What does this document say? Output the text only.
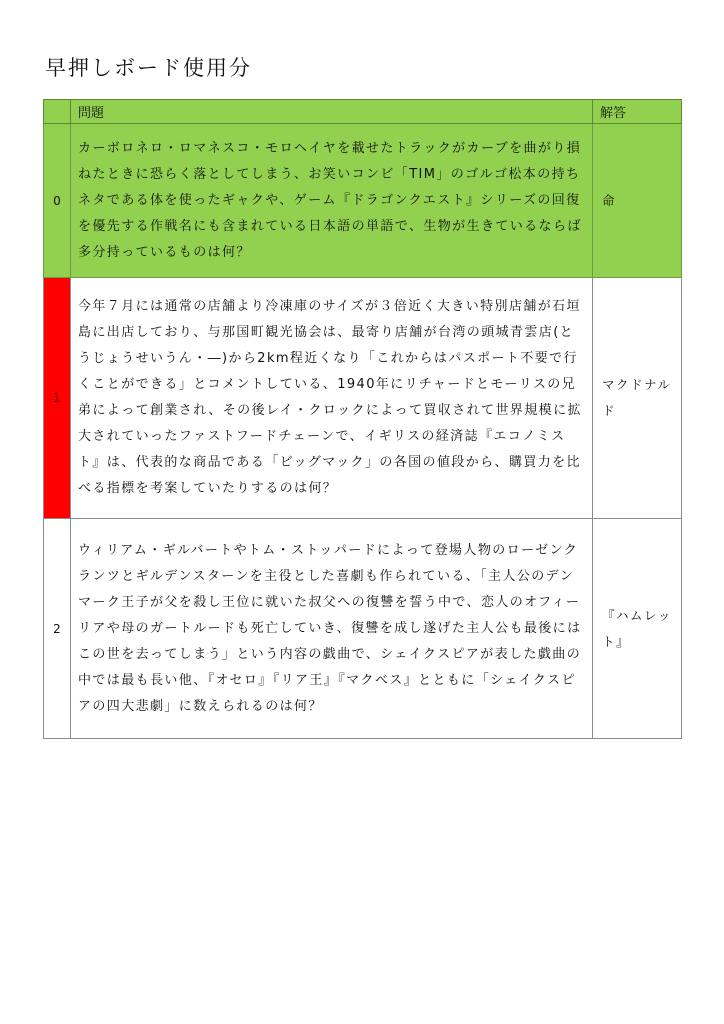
早押しボード使用分
	問題	解答
0	カーボロネロ・ロマネスコ・モロヘイヤを載せたトラックがカーブを曲がり損ねたときに恐らく落としてしまう、お笑いコンビ「TIM」のゴルゴ松本の持ちネタである体を使ったギャクや、ゲーム『ドラゴンクエスト』シリーズの回復を優先する作戦名にも含まれている日本語の単語で、生物が生きているならば多分持っているものは何？	命
1	今年７月には通常の店舗より冷凍庫のサイズが３倍近く大きい特別店舗が石垣島に出店しており、与那国町観光協会は、最寄り店舗が台湾の頭城青雲店(とうじょうせいうん・―)から2km程近くなり「これからはパスポート不要で行くことができる」とコメントしている、1940年にリチャードとモーリスの兄弟によって創業され、その後レイ・クロックによって買収されて世界規模に拡大されていったファストフードチェーンで、イギリスの経済誌『エコノミスト』は、代表的な商品である「ビッグマック」の各国の値段から、購買力を比べる指標を考案していたりするのは何？	マクドナルド
2	ウィリアム・ギルバートやトム・ストッパードによって登場人物のローゼンクランツとギルデンスターンを主役とした喜劇も作られている、「主人公のデンマーク王子が父を殺し王位に就いた叔父への復讐を誓う中で、恋人のオフィーリアや母のガートルードも死亡していき、復讐を成し遂げた主人公も最後にはこの世を去ってしまう」という内容の戯曲で、シェイクスピアが表した戯曲の中では最も長い他、『オセロ』『リア王』『マクベス』とともに「シェイクスピアの四大悲劇」に数えられるのは何？	『ハムレット』
